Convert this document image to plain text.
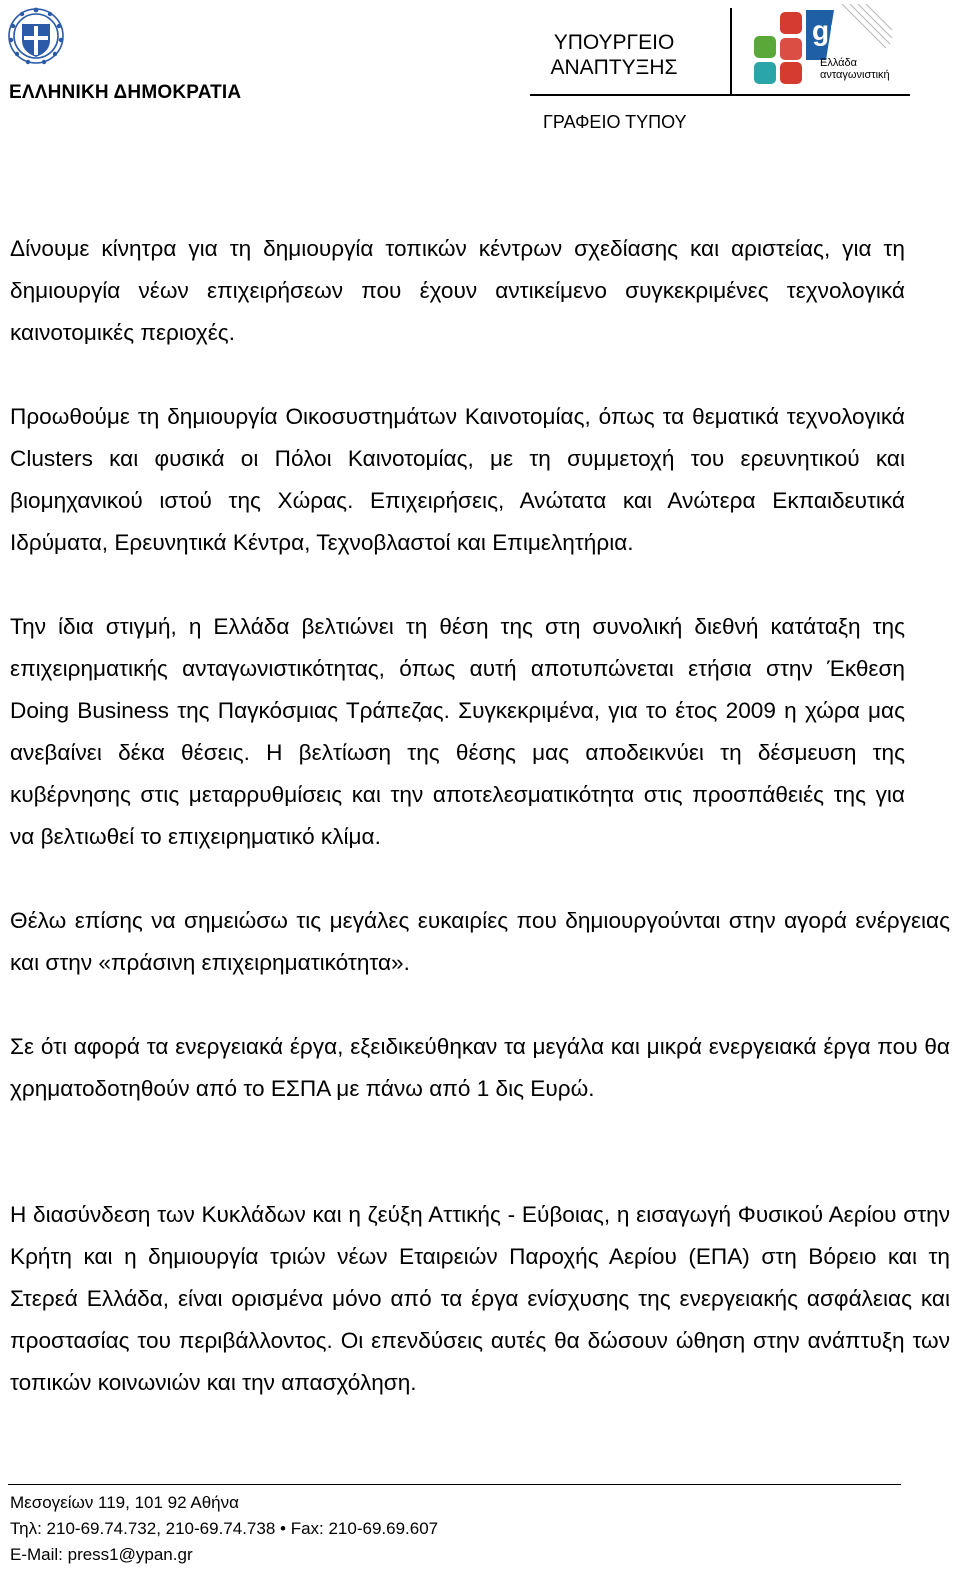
ΕΛΛΗΝΙΚΗ ΔΗΜΟΚΡΑΤΙΑ
ΥΠΟΥΡΓΕΙΟ
ΑΝΑΠΤΥΞΗΣ
gr
Ελλάδα
ανταγωνιστική
ΓΡΑΦΕΙΟ ΤΥΠΟΥ

Δίνουμε κίνητρα για τη δημιουργία τοπικών κέντρων σχεδίασης και αριστείας, για τη δημιουργία νέων επιχειρήσεων που έχουν αντικείμενο συγκεκριμένες τεχνολογικά καινοτομικές περιοχές.

Προωθούμε τη δημιουργία Οικοσυστημάτων Καινοτομίας, όπως τα θεματικά τεχνολογικά Clusters και φυσικά οι Πόλοι Καινοτομίας, με τη συμμετοχή του ερευνητικού και βιομηχανικού ιστού της Χώρας. Επιχειρήσεις, Ανώτατα και Ανώτερα Εκπαιδευτικά Ιδρύματα, Ερευνητικά Κέντρα, Τεχνοβλαστοί και Επιμελητήρια.

Την ίδια στιγμή, η Ελλάδα βελτιώνει τη θέση της στη συνολική διεθνή κατάταξη της επιχειρηματικής ανταγωνιστικότητας, όπως αυτή αποτυπώνεται ετήσια στην Έκθεση Doing Business της Παγκόσμιας Τράπεζας. Συγκεκριμένα, για το έτος 2009 η χώρα μας ανεβαίνει δέκα θέσεις. Η βελτίωση της θέσης μας αποδεικνύει τη δέσμευση της κυβέρνησης στις μεταρρυθμίσεις και την αποτελεσματικότητα στις προσπάθειές της για να βελτιωθεί το επιχειρηματικό κλίμα.

Θέλω επίσης να σημειώσω τις μεγάλες ευκαιρίες που δημιουργούνται στην αγορά ενέργειας και στην «πράσινη επιχειρηματικότητα».

Σε ότι αφορά τα ενεργειακά έργα, εξειδικεύθηκαν τα μεγάλα και μικρά ενεργειακά έργα που θα χρηματοδοτηθούν από το ΕΣΠΑ με πάνω από 1 δις Ευρώ.

Η διασύνδεση των Κυκλάδων και η ζεύξη Αττικής - Εύβοιας, η εισαγωγή Φυσικού Αερίου στην Κρήτη και η δημιουργία τριών νέων Εταιρειών Παροχής Αερίου (ΕΠΑ) στη Βόρειο και τη Στερεά Ελλάδα, είναι ορισμένα μόνο από τα έργα ενίσχυσης της ενεργειακής ασφάλειας και προστασίας του περιβάλλοντος. Οι επενδύσεις αυτές θα δώσουν ώθηση στην ανάπτυξη των τοπικών κοινωνιών και την απασχόληση.

Μεσογείων 119, 101 92 Αθήνα
Τηλ: 210-69.74.732, 210-69.74.738 • Fax: 210-69.69.607
E-Mail: press1@ypan.gr
